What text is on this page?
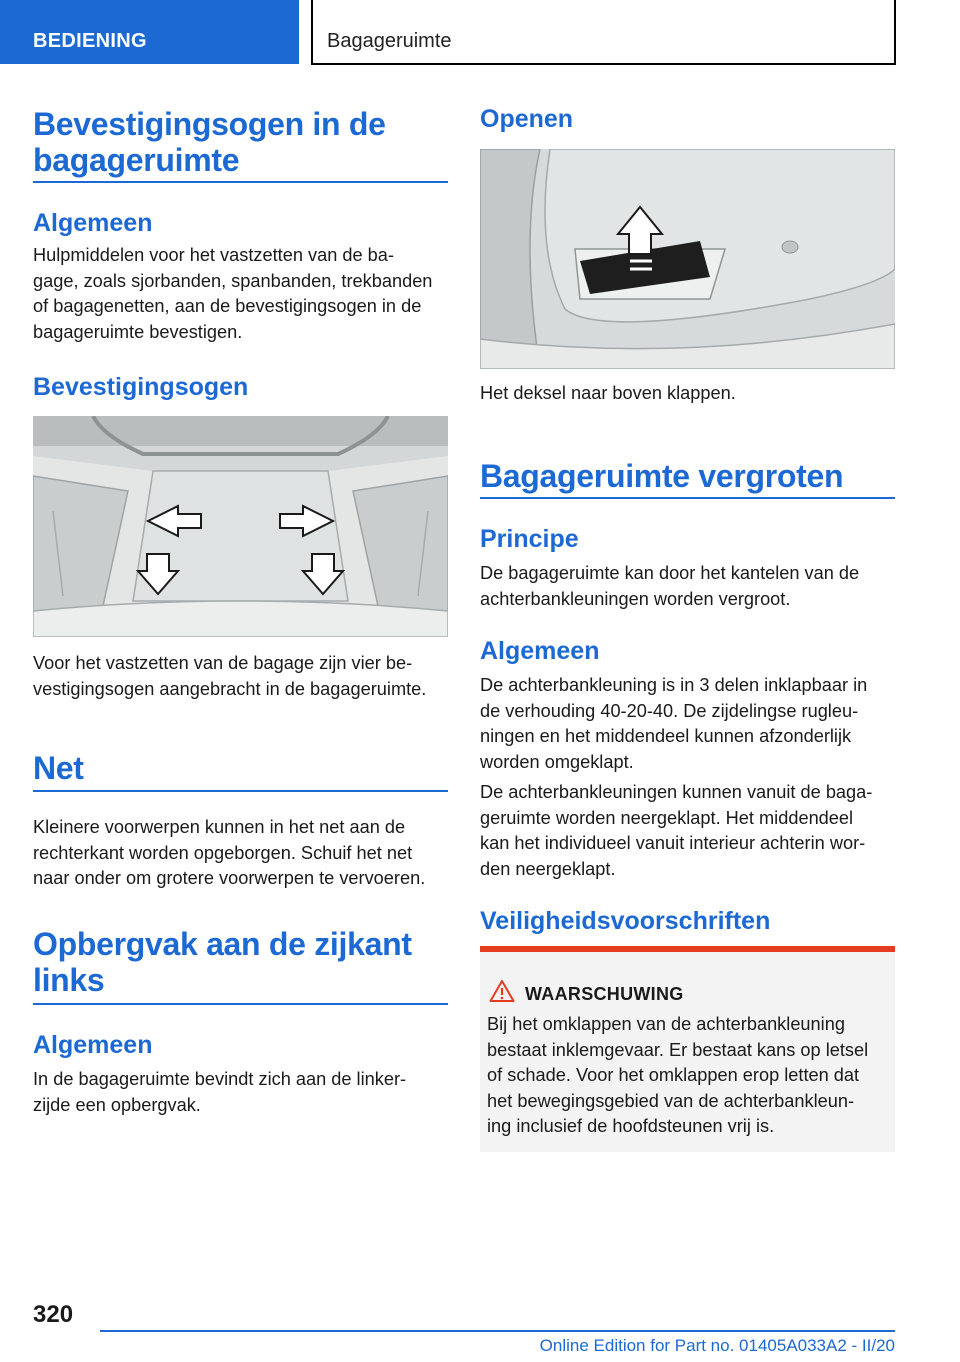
BEDIENING	Bagageruimte
Bevestigingsogen in de
bagageruimte
Algemeen
Hulpmiddelen voor het vastzetten van de ba-
gage, zoals sjorbanden, spanbanden, trekbanden
of bagagenetten, aan de bevestigingsogen in de
bagageruimte bevestigen.
Bevestigingsogen
Voor het vastzetten van de bagage zijn vier be-
vestigingsogen aangebracht in de bagageruimte.
Net
Kleinere voorwerpen kunnen in het net aan de
rechterkant worden opgeborgen. Schuif het net
naar onder om grotere voorwerpen te vervoeren.
Opbergvak aan de zijkant
links
Algemeen
In de bagageruimte bevindt zich aan de linker-
zijde een opbergvak.
Openen
Het deksel naar boven klappen.
Bagageruimte vergroten
Principe
De bagageruimte kan door het kantelen van de
achterbankleuningen worden vergroot.
Algemeen
De achterbankleuning is in 3 delen inklapbaar in
de verhouding 40-20-40. De zijdelingse rugleu-
ningen en het middendeel kunnen afzonderlijk
worden omgeklapt.
De achterbankleuningen kunnen vanuit de baga-
geruimte worden neergeklapt. Het middendeel
kan het individueel vanuit interieur achterin wor-
den neergeklapt.
Veiligheidsvoorschriften
WAARSCHUWING
Bij het omklappen van de achterbankleuning
bestaat inklemgevaar. Er bestaat kans op letsel
of schade. Voor het omklappen erop letten dat
het bewegingsgebied van de achterbankleun-
ing inclusief de hoofdsteunen vrij is.
320
Online Edition for Part no. 01405A033A2 - II/20
